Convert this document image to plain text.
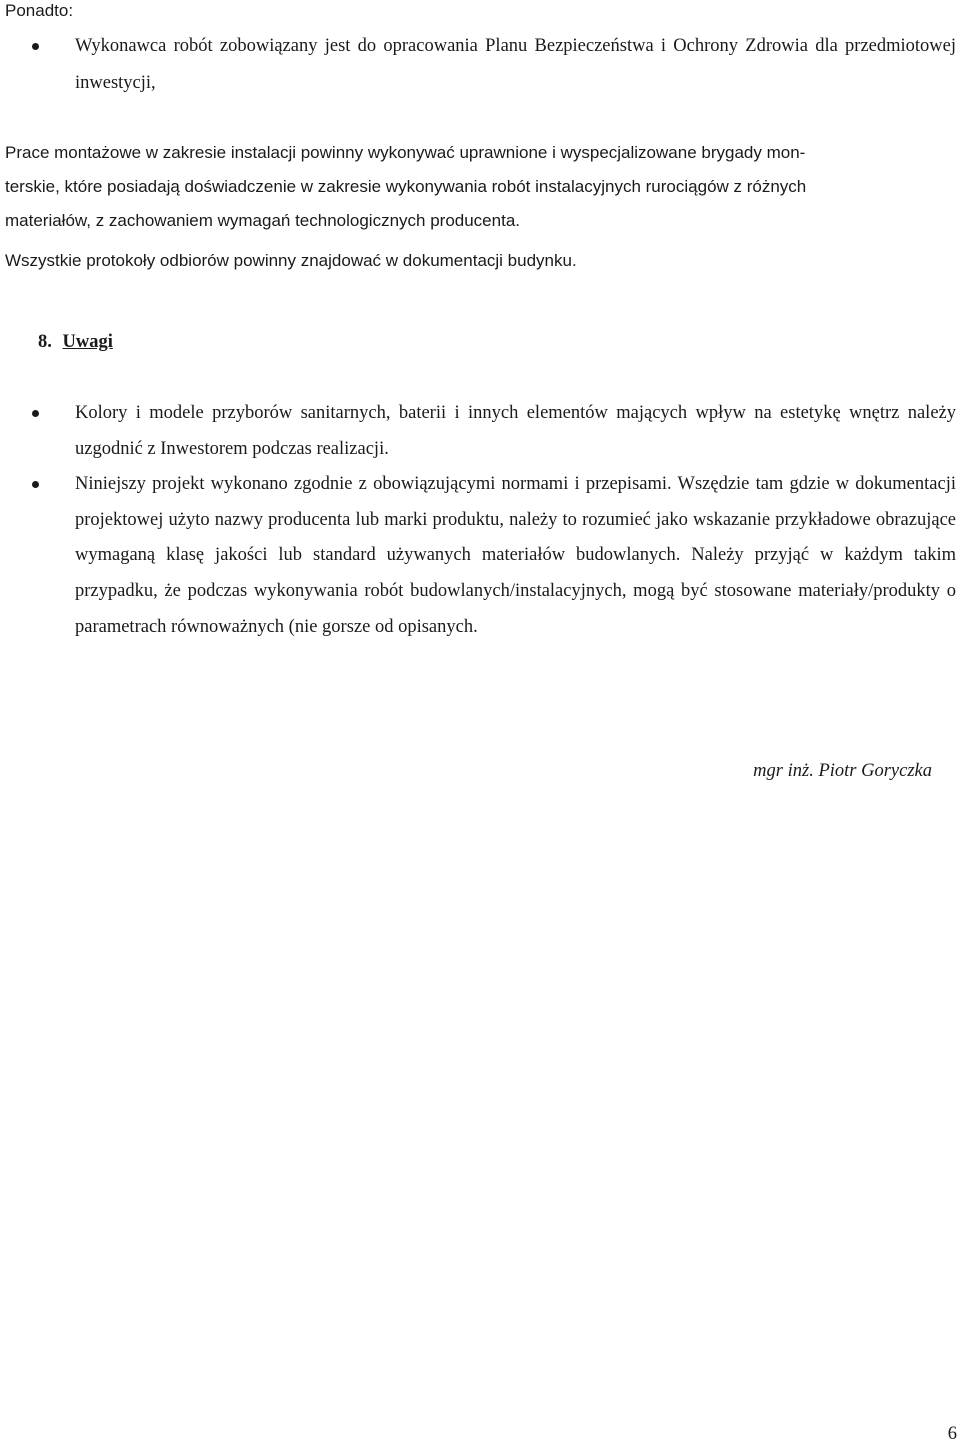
Ponadto:
Wykonawca robót zobowiązany jest do opracowania Planu Bezpieczeństwa i Ochrony Zdrowia dla przedmiotowej inwestycji,
Prace montażowe w zakresie instalacji powinny wykonywać uprawnione i wyspecjalizowane brygady mon-
terskie, które posiadają doświadczenie w zakresie wykonywania robót instalacyjnych rurociągów z różnych
materiałów, z zachowaniem wymagań technologicznych producenta.
Wszystkie protokoły odbiorów powinny znajdować w dokumentacji budynku.
8. Uwagi
Kolory i modele przyborów sanitarnych, baterii i innych elementów mających wpływ na estetykę wnętrz należy uzgodnić z Inwestorem podczas realizacji.
Niniejszy projekt wykonano zgodnie z obowiązującymi normami i przepisami. Wszędzie tam gdzie w dokumentacji projektowej użyto nazwy producenta lub marki produktu, należy to rozumieć jako wskazanie przykładowe obrazujące wymaganą klasę jakości lub standard używanych materiałów budowlanych. Należy przyjąć w każdym takim przypadku, że podczas wykonywania robót budowlanych/instalacyjnych, mogą być stosowane materiały/produkty o parametrach równoważnych (nie gorsze od opisanych.
mgr inż. Piotr Goryczka
6
